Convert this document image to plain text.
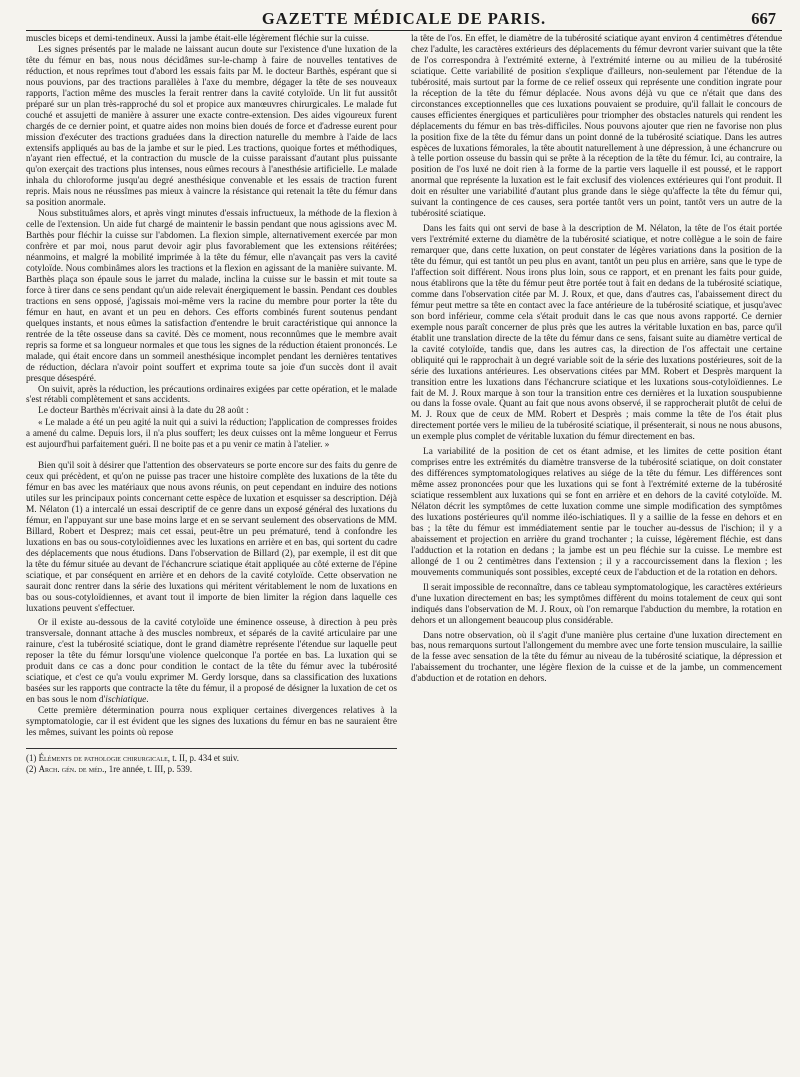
GAZETTE MÉDICALE DE PARIS.	667

muscles biceps et demi-tendineux. Aussi la jambe était-elle légèrement fléchie sur la cuisse.

Les signes présentés par le malade ne laissant aucun doute sur l'existence d'une luxation de la tête du fémur en bas, nous nous décidâmes sur-le-champ à faire de nouvelles tentatives de réduction, et nous reprîmes tout d'abord les essais faits par M. le docteur Barthès, espérant que si nous pouvions, par des tractions parallèles à l'axe du membre, dégager la tête de ses nouveaux rapports, l'action même des muscles la ferait rentrer dans la cavité cotyloïde. Un lit fut aussitôt préparé sur un plan très-rapproché du sol et propice aux manœuvres chirurgicales. Le malade fut couché et assujetti de manière à assurer une exacte contre-extension. Des aides vigoureux furent chargés de ce dernier point, et quatre aides non moins bien doués de force et d'adresse eurent pour mission d'exécuter des tractions graduées dans la direction naturelle du membre à l'aide de lacs extensifs appliqués au bas de la jambe et sur le pied. Les tractions, quoique fortes et méthodiques, n'ayant rien effectué, et la contraction du muscle de la cuisse paraissant d'autant plus puissante qu'on exerçait des tractions plus intenses, nous eûmes recours à l'anesthésie artificielle. Le malade inhala du chloroforme jusqu'au degré anesthésique convenable et les essais de traction furent repris. Mais nous ne réussîmes pas mieux à vaincre la résistance qui retenait la tête du fémur dans sa position anormale.

Nous substituâmes alors, et après vingt minutes d'essais infructueux, la méthode de la flexion à celle de l'extension. Un aide fut chargé de maintenir le bassin pendant que nous agissions avec M. Barthès pour fléchir la cuisse sur l'abdomen. La flexion simple, alternativement exercée par mon confrère et par moi, nous parut devoir agir plus favorablement que les extensions réitérées; néanmoins, et malgré la mobilité imprimée à la tête du fémur, elle n'avançait pas vers la cavité cotyloïde. Nous combinâmes alors les tractions et la flexion en agissant de la manière suivante. M. Barthès plaça son épaule sous le jarret du malade, inclina la cuisse sur le bassin et mit toute sa force à tirer dans ce sens pendant qu'un aide relevait énergiquement le bassin. Pendant ces doubles tractions en sens opposé, j'agissais moi-même vers la racine du membre pour porter la tête du fémur en haut, en avant et un peu en dehors. Ces efforts combinés furent soutenus pendant quelques instants, et nous eûmes la satisfaction d'entendre le bruit caractéristique qui annonce la rentrée de la tête osseuse dans sa cavité. Dès ce moment, nous reconnûmes que le membre avait repris sa forme et sa longueur normales et que tous les signes de la réduction étaient prononcés. Le malade, qui était encore dans un sommeil anesthésique incomplet pendant les dernières tentatives de réduction, déclara n'avoir point souffert et exprima toute sa joie d'un succès dont il avait presque désespéré.

On suivit, après la réduction, les précautions ordinaires exigées par cette opération, et le malade s'est rétabli complètement et sans accidents.

Le docteur Barthès m'écrivait ainsi à la date du 28 août :

« Le malade a été un peu agité la nuit qui a suivi la réduction; l'application de compresses froides a amené du calme. Depuis lors, il n'a plus souffert; les deux cuisses ont la même longueur et Ferrus est aujourd'hui parfaitement guéri. Il ne boite pas et a pu venir ce matin à l'atelier. »

Bien qu'il soit à désirer que l'attention des observateurs se porte encore sur des faits du genre de ceux qui précèdent, et qu'on ne puisse pas tracer une histoire complète des luxations de la tête du fémur en bas avec les matériaux que nous avons réunis, on peut cependant en induire des notions utiles sur les principaux points concernant cette espèce de luxation et esquisser sa description. Déjà M. Nélaton (1) a intercalé un essai descriptif de ce genre dans un exposé général des luxations du fémur, en l'appuyant sur une base moins large et en se servant seulement des observations de MM. Billard, Robert et Desprez; mais cet essai, peut-être un peu prématuré, tend à confondre les luxations en bas ou sous-cotyloïdiennes avec les luxations en arrière et en bas, qui sortent du cadre des déplacements que nous étudions. Dans l'observation de Billard (2), par exemple, il est dit que la tête du fémur située au devant de l'échancrure sciatique était appliquée au côté externe de l'épine sciatique, et par conséquent en arrière et en dehors de la cavité cotyloïde. Cette observation ne saurait donc rentrer dans la série des luxations qui méritent véritablement le nom de luxations en bas ou sous-cotyloïdiennes, et avant tout il importe de bien limiter la région dans laquelle ces luxations peuvent s'effectuer.

Or il existe au-dessous de la cavité cotyloïde une éminence osseuse, à direction à peu près transversale, donnant attache à des muscles nombreux, et séparés de la cavité articulaire par une rainure, c'est la tubérosité sciatique, dont le grand diamètre représente l'étendue sur laquelle peut reposer la tête du fémur lorsqu'une violence quelconque l'a portée en bas. La luxation qui se produit dans ce cas a donc pour condition le contact de la tête du fémur avec la tubérosité sciatique, et c'est ce qu'a voulu exprimer M. Gerdy lorsque, dans sa classification des luxations basées sur les rapports que contracte la tête du fémur, il a proposé de désigner la luxation de cet os en bas sous le nom d'ischiatique.

Cette première détermination pourra nous expliquer certaines divergences relatives à la symptomatologie, car il est évident que les signes des luxations du fémur en bas ne sauraient être les mêmes, suivant les points où repose

(1) Éléments de pathologie chirurgicale, t. II, p. 434 et suiv.
(2) Arch. gén. de méd., 1re année, t. III, p. 539.

la tête de l'os. En effet, le diamètre de la tubérosité sciatique ayant environ 4 centimètres d'étendue chez l'adulte, les caractères extérieurs des déplacements du fémur devront varier suivant que la tête de l'os correspondra à l'extrémité externe, à l'extrémité interne ou au milieu de la tubérosité sciatique. Cette variabilité de position s'explique d'ailleurs, non-seulement par l'étendue de la tubérosité, mais surtout par la forme de ce relief osseux qui représente une condition ingrate pour la réception de la tête du fémur déplacée. Nous avons déjà vu que ce n'était que dans des circonstances exceptionnelles que ces luxations pouvaient se produire, qu'il fallait le concours de causes efficientes énergiques et particulières pour triompher des obstacles naturels qui rendent les déplacements du fémur en bas très-difficiles. Nous pouvons ajouter que rien ne favorise non plus la position fixe de la tête du fémur dans un point donné de la tubérosité sciatique. Dans les autres espèces de luxations fémorales, la tête aboutit naturellement à une dépression, à une échancrure ou à telle portion osseuse du bassin qui se prête à la réception de la tête du fémur. Ici, au contraire, la position de l'os luxé ne doit rien à la forme de la partie vers laquelle il est poussé, et le rapport anormal que représente la luxation est le fait exclusif des violences extérieures qui l'ont produit. Il doit en résulter une variabilité d'autant plus grande dans le siège qu'affecte la tête du fémur qui, suivant la contingence de ces causes, sera portée tantôt vers un point, tantôt vers un autre de la tubérosité sciatique.

Dans les faits qui ont servi de base à la description de M. Nélaton, la tête de l'os était portée vers l'extrémité externe du diamètre de la tubérosité sciatique, et notre collègue a le soin de faire remarquer que, dans cette luxation, on peut constater de légères variations dans la position de la tête du fémur, qui est tantôt un peu plus en avant, tantôt un peu plus en arrière, sans que le type de l'affection soit différent. Nous irons plus loin, sous ce rapport, et en prenant les faits pour guide, nous établirons que la tête du fémur peut être portée tout à fait en dedans de la tubérosité sciatique, comme dans l'observation citée par M. J. Roux, et que, dans d'autres cas, l'abaissement direct du fémur peut mettre sa tête en contact avec la face antérieure de la tubérosité sciatique, et jusqu'avec son bord inférieur, comme cela s'était produit dans le cas que nous avons rapporté. Ce dernier exemple nous paraît concerner de plus près que les autres la véritable luxation en bas, parce qu'il établit une translation directe de la tête du fémur dans ce sens, faisant suite au diamètre vertical de la cavité cotyloïde, tandis que, dans les autres cas, la direction de l'os affectait une certaine obliquité qui le rapprochait à un degré variable soit de la série des luxations postérieures, soit de la série des luxations antérieures. Les observations citées par MM. Robert et Desprès marquent la transition entre les luxations dans l'échancrure sciatique et les luxations sous-cotyloïdiennes. Le fait de M. J. Roux marque à son tour la transition entre ces dernières et la luxation souspubienne ou dans la fosse ovale. Quant au fait que nous avons observé, il se rapprocherait plutôt de celui de M. J. Roux que de ceux de MM. Robert et Desprès ; mais comme la tête de l'os était plus directement portée vers le milieu de la tubérosité sciatique, il présenterait, si nous ne nous abusons, un exemple plus complet de véritable luxation du fémur directement en bas.

La variabilité de la position de cet os étant admise, et les limites de cette position étant comprises entre les extrémités du diamètre transverse de la tubérosité sciatique, on doit constater des différences symptomatologiques relatives au siége de la tête du fémur. Les différences sont même assez prononcées pour que les luxations qui se font à l'extrémité externe de la tubérosité sciatique ressemblent aux luxations qui se font en arrière et en dehors de la cavité cotyloïde. M. Nélaton décrit les symptômes de cette luxation comme une simple modification des symptômes des luxations postérieures qu'il nomme iléo-ischiatiques. Il y a saillie de la fesse en dehors et en bas ; la tête du fémur est immédiatement sentie par le toucher au-dessus de l'ischion; il y a abaissement et projection en arrière du grand trochanter ; la cuisse, légèrement fléchie, est dans l'adduction et la rotation en dedans ; la jambe est un peu fléchie sur la cuisse. Le membre est allongé de 1 ou 2 centimètres dans l'extension ; il y a raccourcissement dans la flexion ; les mouvements communiqués sont possibles, excepté ceux de l'abduction et de la rotation en dehors.

Il serait impossible de reconnaître, dans ce tableau symptomatologique, les caractères extérieurs d'une luxation directement en bas; les symptômes diffèrent du moins totalement de ceux qui sont indiqués dans l'observation de M. J. Roux, où l'on remarque l'abduction du membre, la rotation en dehors et un allongement beaucoup plus considérable.

Dans notre observation, où il s'agit d'une manière plus certaine d'une luxation directement en bas, nous remarquons surtout l'allongement du membre avec une forte tension musculaire, la saillie de la fesse avec sensation de la tête du fémur au niveau de la tubérosité sciatique, la dépression et l'abaissement du trochanter, une légère flexion de la cuisse et de la jambe, un commencement d'abduction et de rotation en dehors.
